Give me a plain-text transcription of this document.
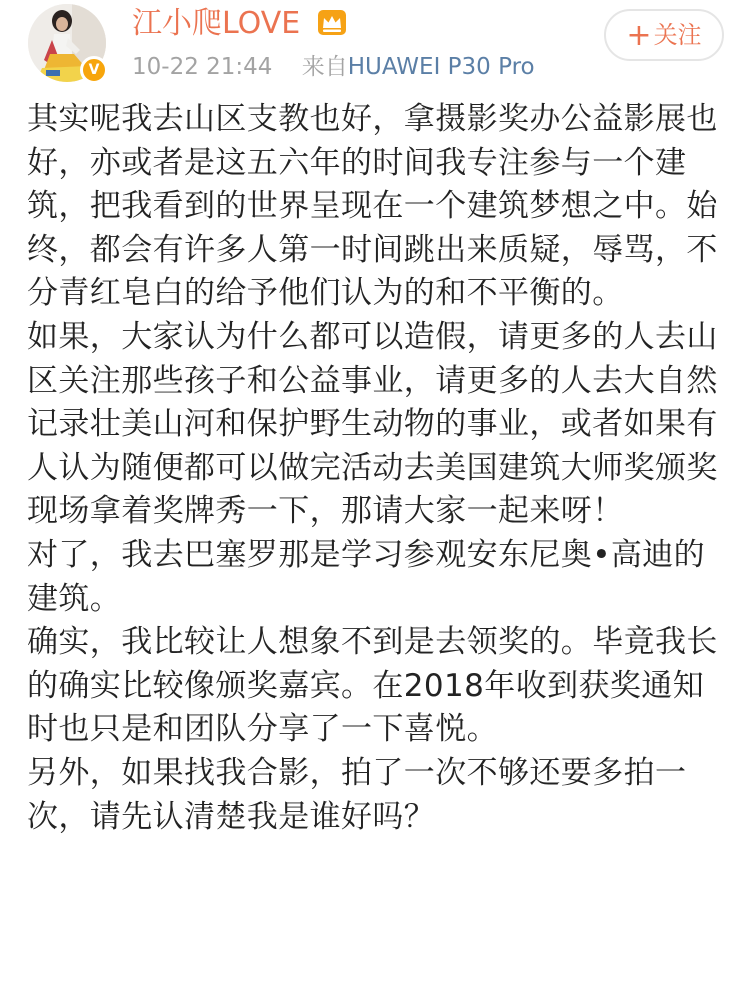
V
江小爬LOVE
10-22 21:44 来自HUAWEI P30 Pro
+关注

其实呢我去山区支教也好，拿摄影奖办公益影展也好，亦或者是这五六年的时间我专注参与一个建筑，把我看到的世界呈现在一个建筑梦想之中。始终，都会有许多人第一时间跳出来质疑，辱骂，不分青红皂白的给予他们认为的和不平衡的。

如果，大家认为什么都可以造假，请更多的人去山区关注那些孩子和公益事业，请更多的人去大自然记录壮美山河和保护野生动物的事业，或者如果有人认为随便都可以做完活动去美国建筑大师奖颁奖现场拿着奖牌秀一下，那请大家一起来呀！

对了，我去巴塞罗那是学习参观安东尼奥•高迪的建筑。

确实，我比较让人想象不到是去领奖的。毕竟我长的确实比较像颁奖嘉宾。在2018年收到获奖通知时也只是和团队分享了一下喜悦。

另外，如果找我合影，拍了一次不够还要多拍一次，请先认清楚我是谁好吗？
